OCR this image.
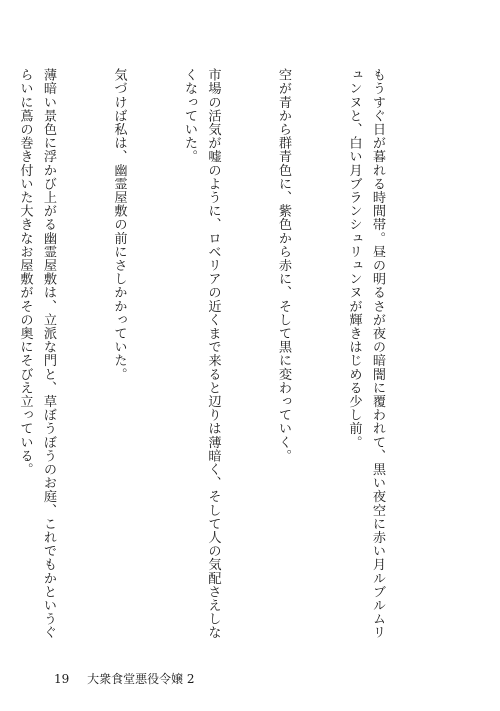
もうすぐ日が暮れる時間帯。昼の明るさが夜の暗闇に覆われて、黒い夜空に赤い月ルブルムリュンヌと、白い月ブランシュリュンヌが輝きはじめる少し前。

空が青から群青色に、紫色から赤に、そして黒に変わっていく。

市場の活気が嘘のように、ロベリアの近くまで来ると辺りは薄暗く、そして人の気配さえしなくなっていた。

気づけば私は、幽霊屋敷の前にさしかかっていた。

薄暗い景色に浮かび上がる幽霊屋敷は、立派な門と、草ぼうぼうのお庭、これでもかというぐらいに蔦の巻き付いた大きなお屋敷がその奥にそびえ立っている。

19 大衆食堂悪役令嬢 2
